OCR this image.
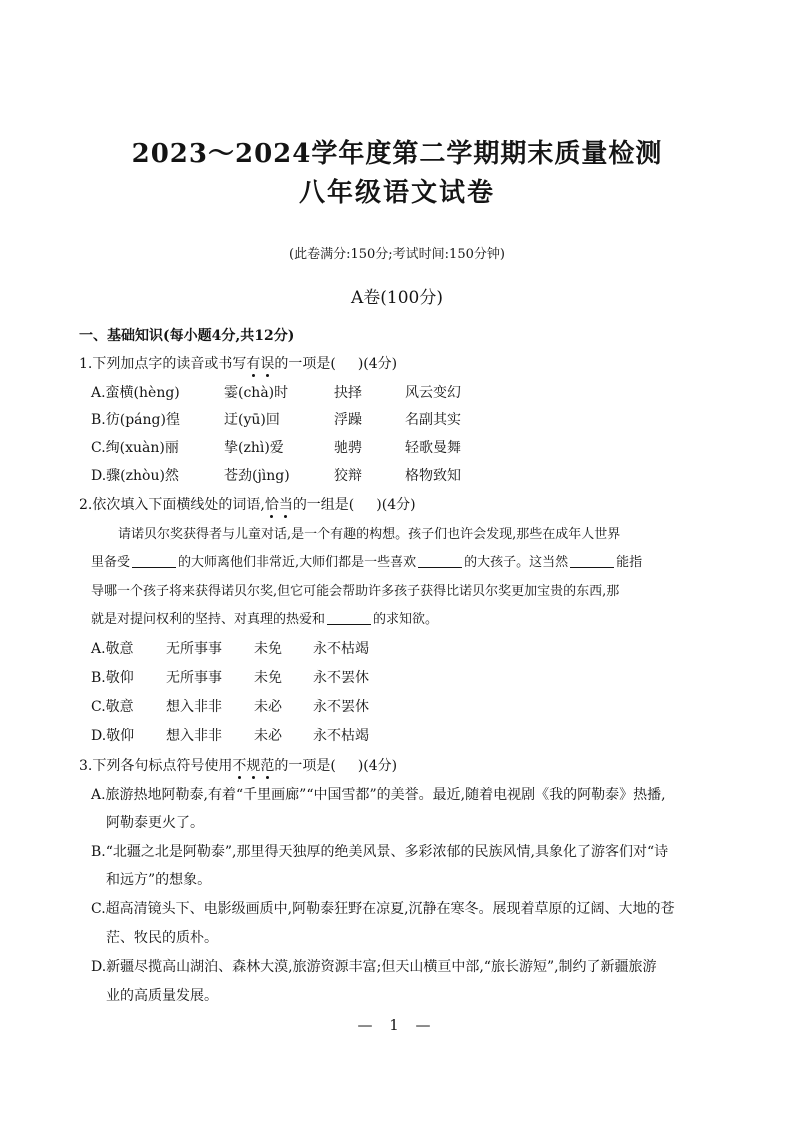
2023～2024学年度第二学期期末质量检测
八年级语文试卷
(此卷满分:150分;考试时间:150分钟)
A卷(100分)
一、基础知识(每小题4分,共12分)
1.下列加点字的读音或书写有误的一项是( )(4分)
A.蛮横(hèng)	霎(chà)时	抉择	风云变幻
B.彷(páng)徨	迂(yū)回	浮躁	名副其实
C.绚(xuàn)丽	挚(zhì)爱	驰骋	轻歌曼舞
D.骤(zhòu)然	苍劲(jìng)	狡辩	格物致知
2.依次填入下面横线处的词语,恰当的一组是( )(4分)
请诺贝尔奖获得者与儿童对话,是一个有趣的构想。孩子们也许会发现,那些在成年人世界
里备受	的大师离他们非常近,大师们都是一些喜欢	的大孩子。这当然	能指
导哪一个孩子将来获得诺贝尔奖,但它可能会帮助许多孩子获得比诺贝尔奖更加宝贵的东西,那
就是对提问权利的坚持、对真理的热爱和	的求知欲。
A.敬意 无所事事 未免 永不枯竭
B.敬仰 无所事事 未免 永不罢休
C.敬意 想入非非 未必 永不罢休
D.敬仰 想入非非 未必 永不枯竭
3.下列各句标点符号使用不规范的一项是( )(4分)
A.旅游热地阿勒泰,有着“千里画廊”“中国雪都”的美誉。最近,随着电视剧《我的阿勒泰》热播,
阿勒泰更火了。
B.“北疆之北是阿勒泰”,那里得天独厚的绝美风景、多彩浓郁的民族风情,具象化了游客们对“诗
和远方”的想象。
C.超高清镜头下、电影级画质中,阿勒泰狂野在凉夏,沉静在寒冬。展现着草原的辽阔、大地的苍
茫、牧民的质朴。
D.新疆尽揽高山湖泊、森林大漠,旅游资源丰富;但天山横亘中部,“旅长游短”,制约了新疆旅游
业的高质量发展。
— 1 —
